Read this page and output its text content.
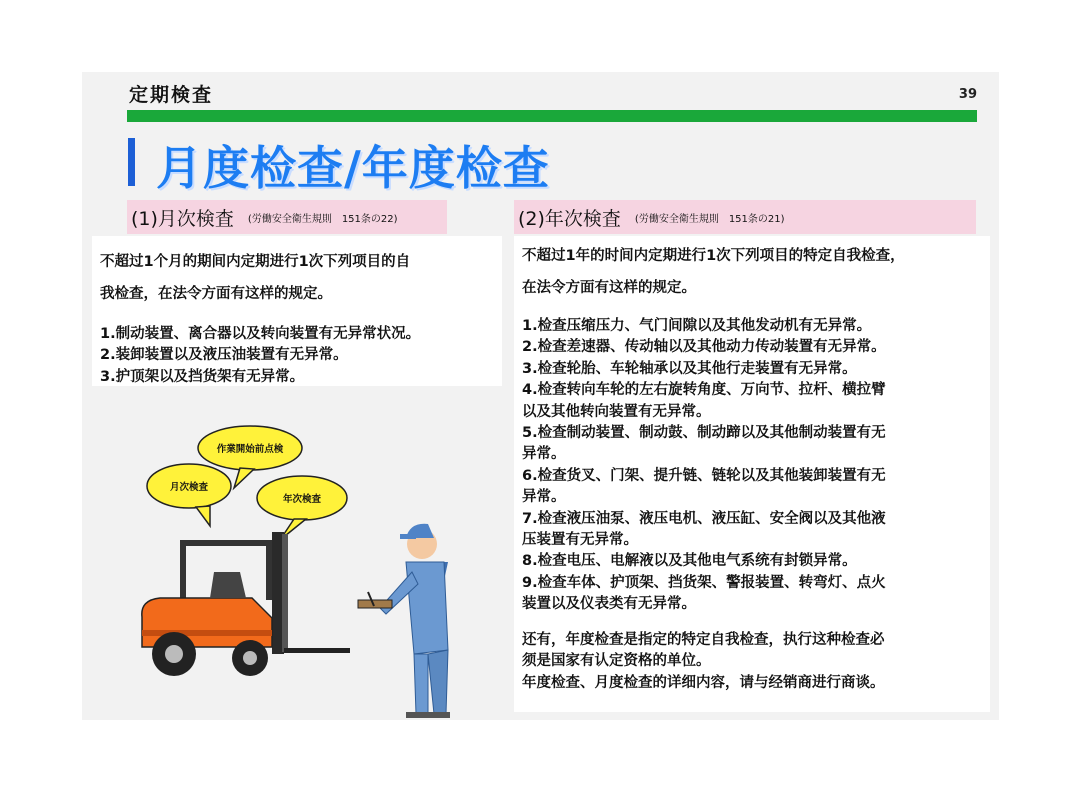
定期検査	39
月度检查/年度检查
(1)月次検査 (労働安全衛生規則　151条の22)	(2)年次検査 (労働安全衛生規則　151条の21)
不超过1个月的期间内定期进行1次下列项目的自
我检查，在法令方面有这样的规定。
1.制动装置、离合器以及转向装置有无异常状况。
2.装卸装置以及液压油装置有无异常。
3.护顶架以及挡货架有无异常。
不超过1年的时间内定期进行1次下列项目的特定自我检查，
在法令方面有这样的规定。
1.检查压缩压力、气门间隙以及其他发动机有无异常。
2.检查差速器、传动轴以及其他动力传动装置有无异常。
3.检查轮胎、车轮轴承以及其他行走装置有无异常。
4.检查转向车轮的左右旋转角度、万向节、拉杆、横拉臂
以及其他转向装置有无异常。
5.检查制动装置、制动鼓、制动蹄以及其他制动装置有无
异常。
6.检查货叉、门架、提升链、链轮以及其他装卸装置有无
异常。
7.检查液压油泵、液压电机、液压缸、安全阀以及其他液
压装置有无异常。
8.检查电压、电解液以及其他电气系统有封锁异常。
9.检查车体、护顶架、挡货架、警报装置、转弯灯、点火
装置以及仪表类有无异常。
还有，年度检查是指定的特定自我检查，执行这种检查必
须是国家有认定资格的单位。
年度检查、月度检查的详细内容，请与经销商进行商谈。
作業開始前点検
月次検査
年次検査
